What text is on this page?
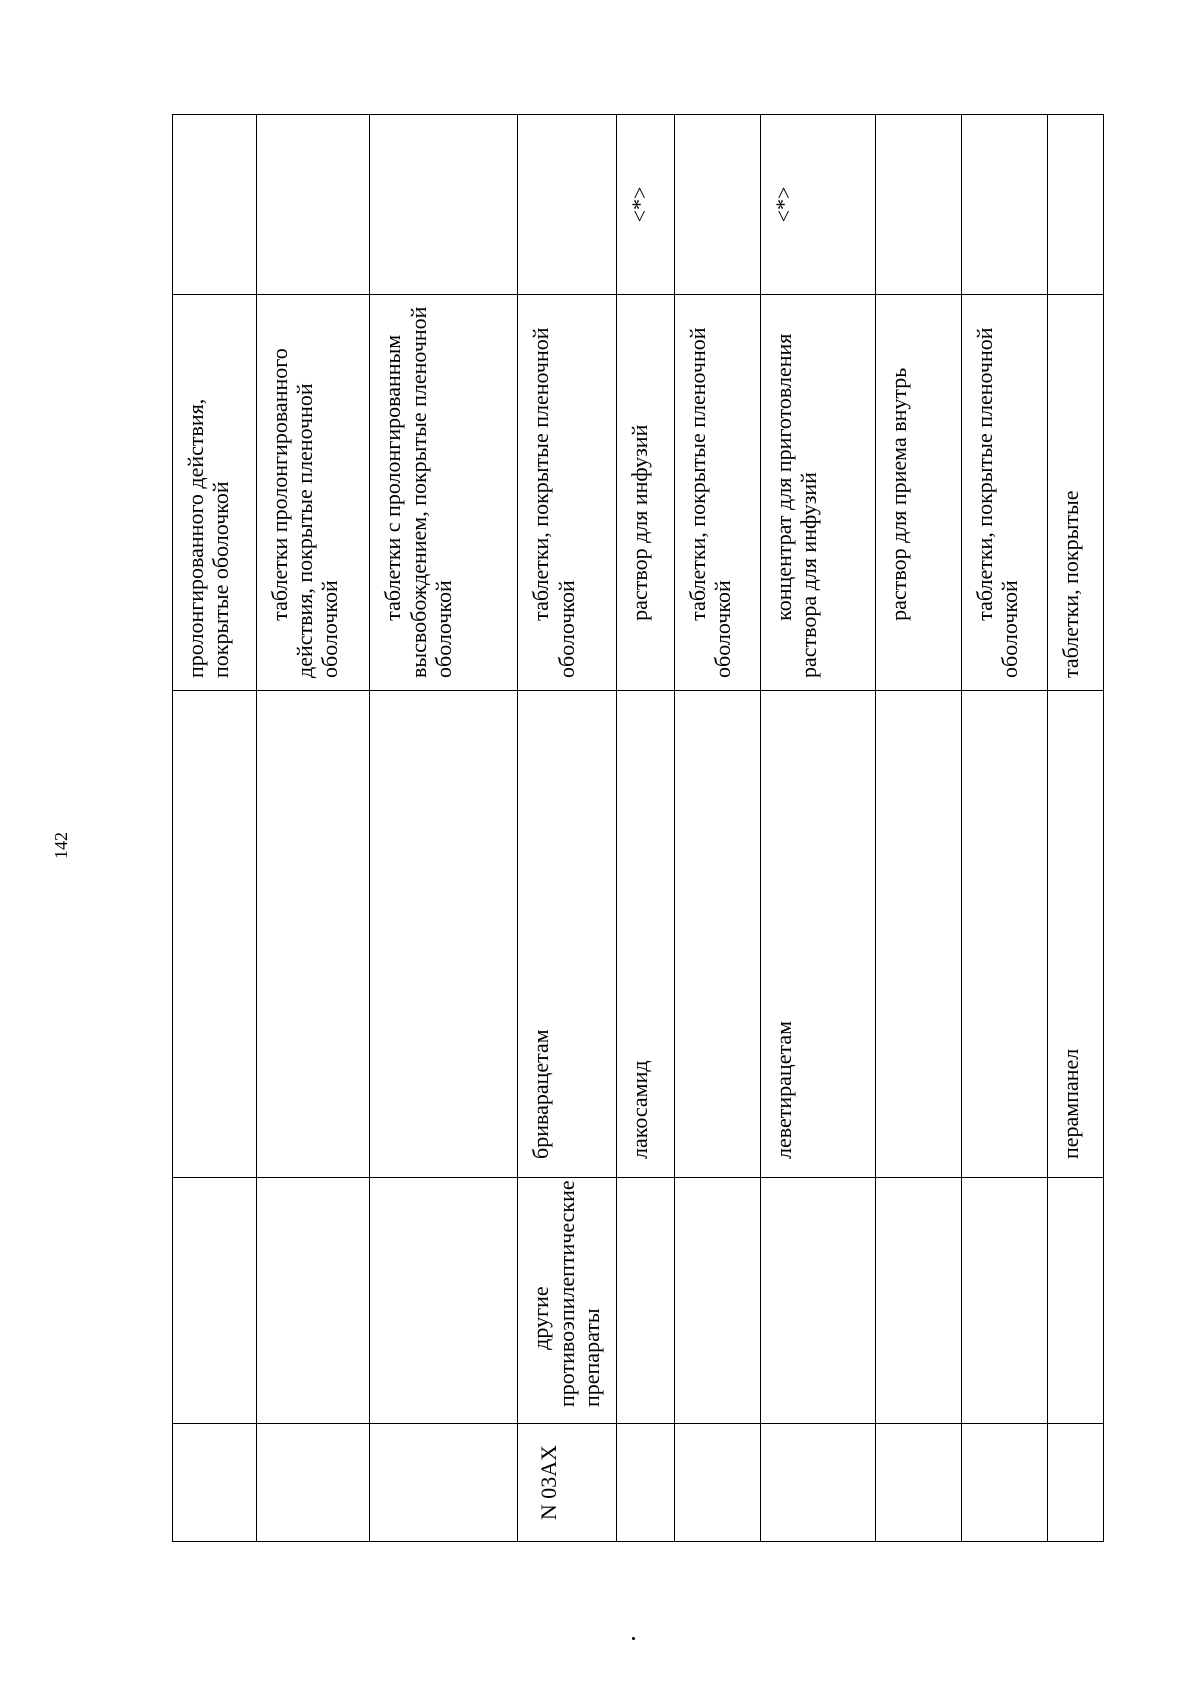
142
			пролонгированного действия, покрытые оболочкой	
			таблетки пролонгированного действия, покрытые пленочной оболочкой	
			таблетки с пролонгированным высвобождением, покрытые пленочной оболочкой	
N 03AX	другие противоэпилептические препараты	бриварацетам	таблетки, покрытые пленочной оболочкой	
		лакосамид	раствор для инфузий	<*>
			таблетки, покрытые пленочной оболочкой	
		леветирацетам	концентрат для приготовления раствора для инфузий	<*>
			раствор для приема внутрь	
			таблетки, покрытые пленочной оболочкой	
		перампанел	таблетки, покрытые	
